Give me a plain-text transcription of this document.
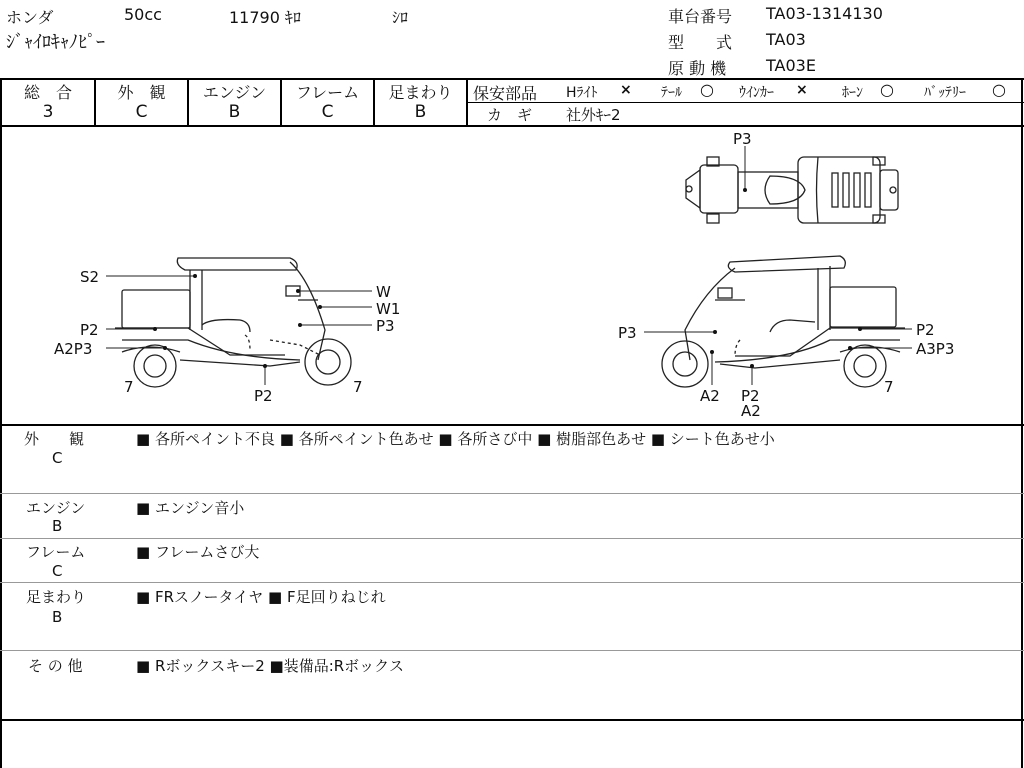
ホンダ	50cc	11790 ｷﾛ	ｼﾛ
ｼﾞｬｲﾛｷｬﾉﾋﾟｰ
車台番号 TA03-1314130
型　　式 TA03
原 動 機 TA03E
総　合
3
外　観
C
エンジン
B
フレーム
C
足まわり
B
保安部品 Hﾗｲﾄ × ﾃｰﾙ ○ ｳｲﾝｶｰ × ﾎｰﾝ ○ ﾊﾞｯﾃﾘｰ ○
カ　ギ 社外ｷｰ2
P3
S2
W
W1
P3
P2
A2P3
7	7
P2
P3	P2
A3P3
7
A2 P2
A2
外　　観
C
■ 各所ペイント不良 ■ 各所ペイント色あせ ■ 各所さび中 ■ 樹脂部色あせ ■ シート色あせ小
エンジン
B
■ エンジン音小
フレーム
C
■ フレームさび大
足まわり
B
■ FRスノータイヤ ■ F足回りねじれ
そ の 他	■ Rボックスキー2 ■装備品:Rボックス
